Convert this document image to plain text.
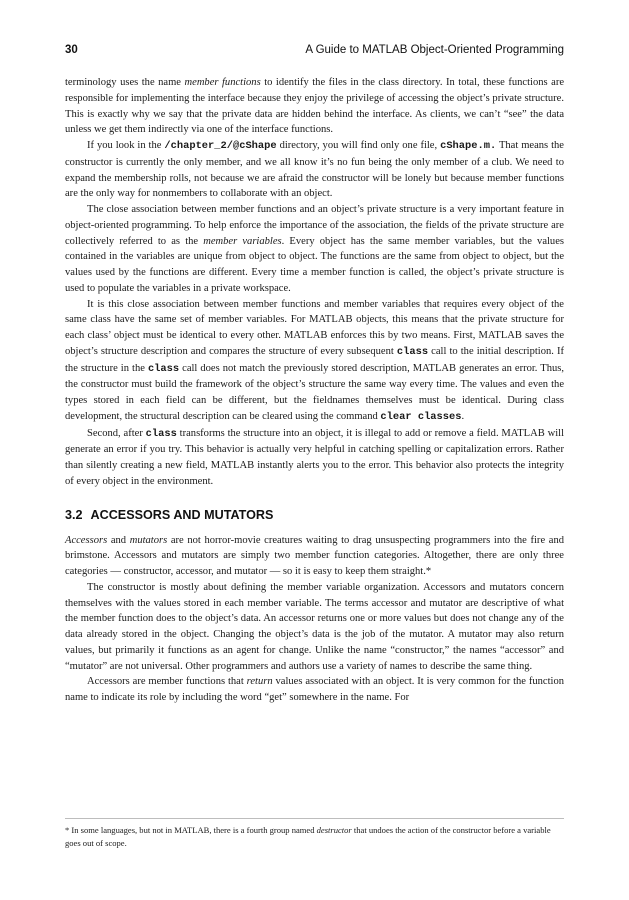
30	A Guide to MATLAB Object-Oriented Programming

terminology uses the name member functions to identify the files in the class directory. In total, these functions are responsible for implementing the interface because they enjoy the privilege of accessing the object’s private structure. This is exactly why we say that the private data are hidden behind the interface. As clients, we can’t “see” the data unless we get them indirectly via one of the interface functions.

If you look in the /chapter_2/@cShape directory, you will find only one file, cShape.m. That means the constructor is currently the only member, and we all know it’s no fun being the only member of a club. We need to expand the membership rolls, not because we are afraid the constructor will be lonely but because member functions are the only way for nonmembers to collaborate with an object.

The close association between member functions and an object’s private structure is a very important feature in object-oriented programming. To help enforce the importance of the association, the fields of the private structure are collectively referred to as the member variables. Every object has the same member variables, but the values contained in the variables are unique from object to object. The functions are the same from object to object, but the values used by the functions are different. Every time a member function is called, the object’s private structure is used to populate the variables in a private workspace.

It is this close association between member functions and member variables that requires every object of the same class have the same set of member variables. For MATLAB objects, this means that the private structure for each class’ object must be identical to every other. MATLAB enforces this by two means. First, MATLAB saves the object’s structure description and compares the structure of every subsequent class call to the initial description. If the structure in the class call does not match the previously stored description, MATLAB generates an error. Thus, the constructor must build the framework of the object’s structure the same way every time. The values and even the types stored in each field can be different, but the fieldnames themselves must be identical. During class development, the structural description can be cleared using the command clear classes.

Second, after class transforms the structure into an object, it is illegal to add or remove a field. MATLAB will generate an error if you try. This behavior is actually very helpful in catching spelling or capitalization errors. Rather than silently creating a new field, MATLAB instantly alerts you to the error. This behavior also protects the integrity of every object in the environment.

3.2 ACCESSORS AND MUTATORS

Accessors and mutators are not horror-movie creatures waiting to drag unsuspecting programmers into the fire and brimstone. Accessors and mutators are simply two member function categories. Altogether, there are only three categories — constructor, accessor, and mutator — so it is easy to keep them straight.*

The constructor is mostly about defining the member variable organization. Accessors and mutators concern themselves with the values stored in each member variable. The terms accessor and mutator are descriptive of what the member function does to the object’s data. An accessor returns one or more values but does not change any of the data already stored in the object. Changing the object’s data is the job of the mutator. A mutator may also return values, but primarily it functions as an agent for change. Unlike the name “constructor,” the names “accessor” and “mutator” are not universal. Other programmers and authors use a variety of names to describe the same thing.

Accessors are member functions that return values associated with an object. It is very common for the function name to indicate its role by including the word “get” somewhere in the name. For

* In some languages, but not in MATLAB, there is a fourth group named destructor that undoes the action of the constructor before a variable goes out of scope.
